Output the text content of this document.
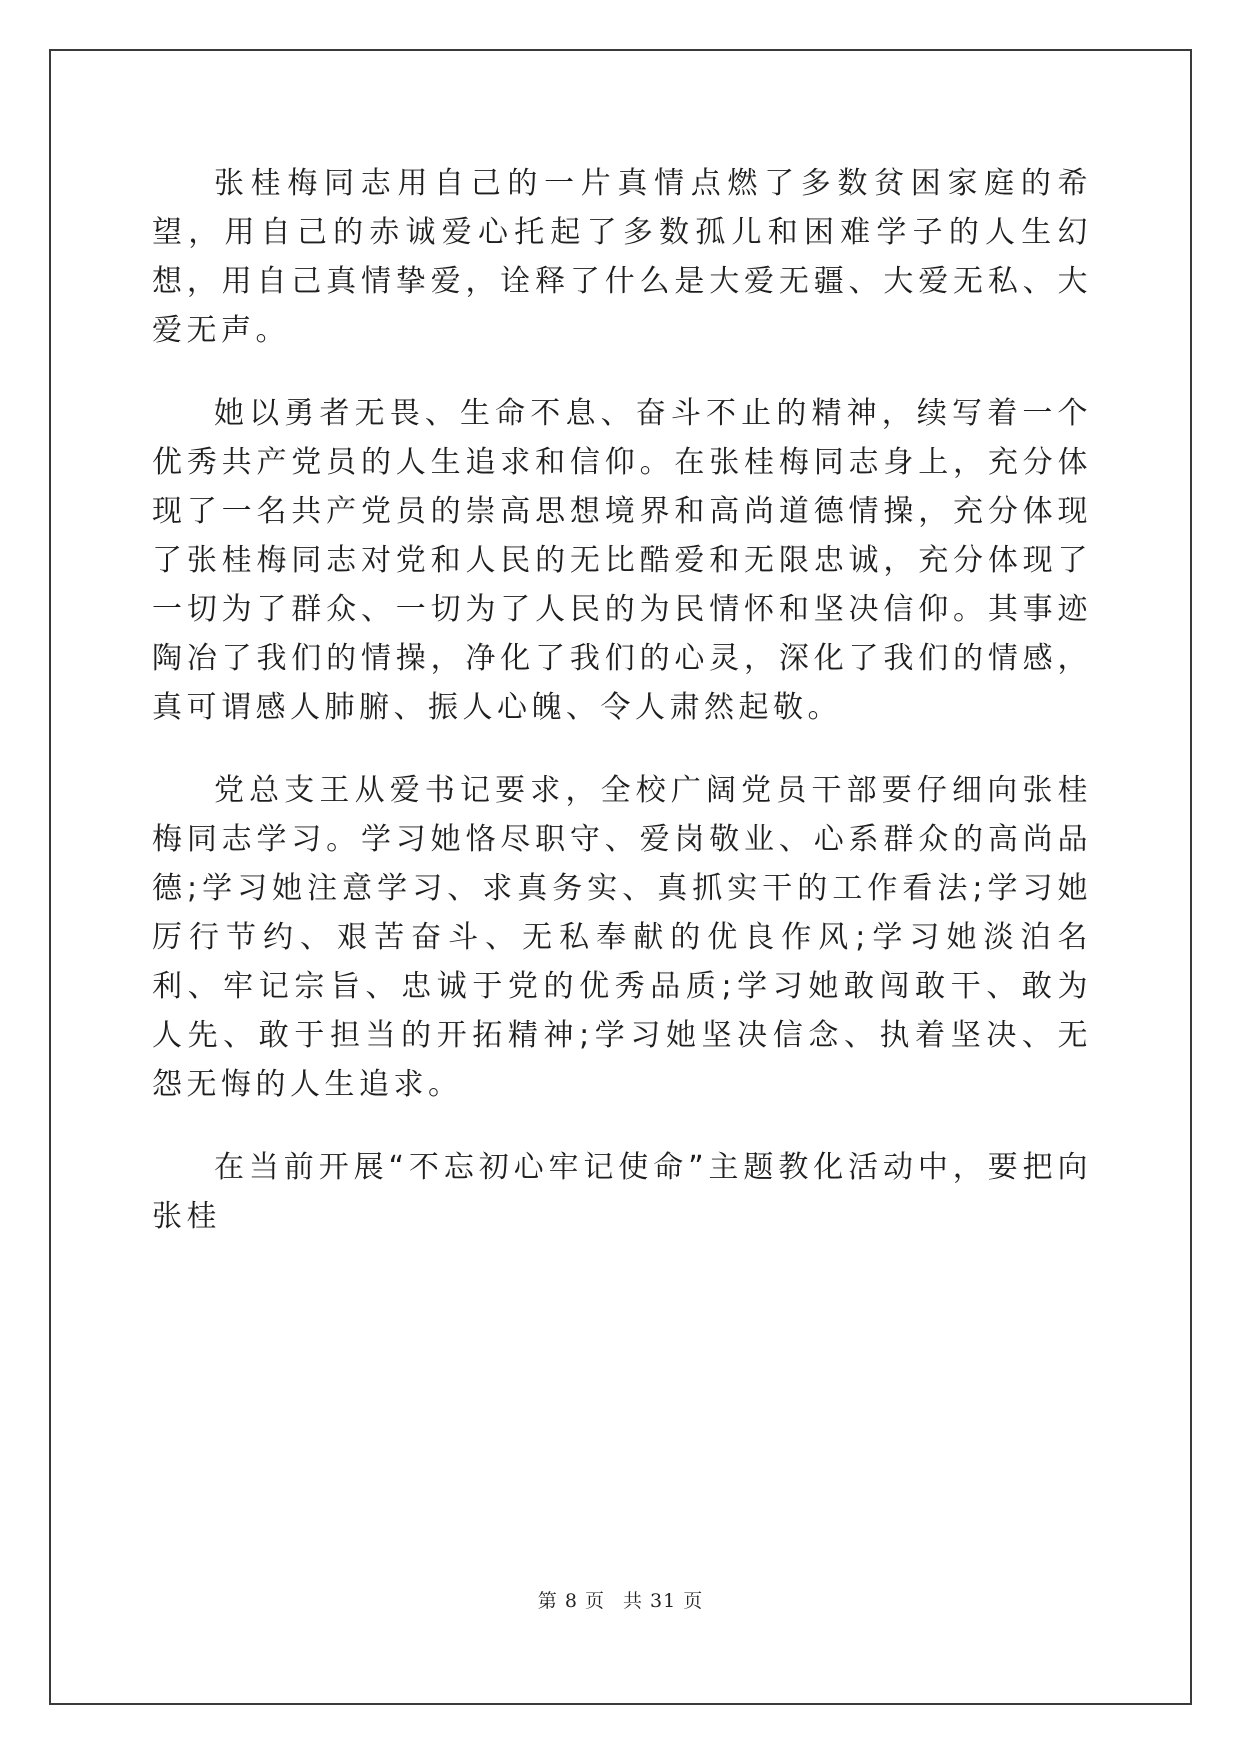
张桂梅同志用自己的一片真情点燃了多数贫困家庭的希望，用自己的赤诚爱心托起了多数孤儿和困难学子的人生幻想，用自己真情挚爱，诠释了什么是大爱无疆、大爱无私、大爱无声。

她以勇者无畏、生命不息、奋斗不止的精神，续写着一个优秀共产党员的人生追求和信仰。在张桂梅同志身上，充分体现了一名共产党员的崇高思想境界和高尚道德情操，充分体现了张桂梅同志对党和人民的无比酷爱和无限忠诚，充分体现了一切为了群众、一切为了人民的为民情怀和坚决信仰。其事迹陶冶了我们的情操，净化了我们的心灵，深化了我们的情感，真可谓感人肺腑、振人心魄、令人肃然起敬。

党总支王从爱书记要求，全校广阔党员干部要仔细向张桂梅同志学习。学习她恪尽职守、爱岗敬业、心系群众的高尚品德;学习她注意学习、求真务实、真抓实干的工作看法;学习她厉行节约、艰苦奋斗、无私奉献的优良作风;学习她淡泊名利、牢记宗旨、忠诚于党的优秀品质;学习她敢闯敢干、敢为人先、敢于担当的开拓精神;学习她坚决信念、执着坚决、无怨无悔的人生追求。

在当前开展“不忘初心牢记使命”主题教化活动中，要把向张桂

第 8 页 共 31 页
